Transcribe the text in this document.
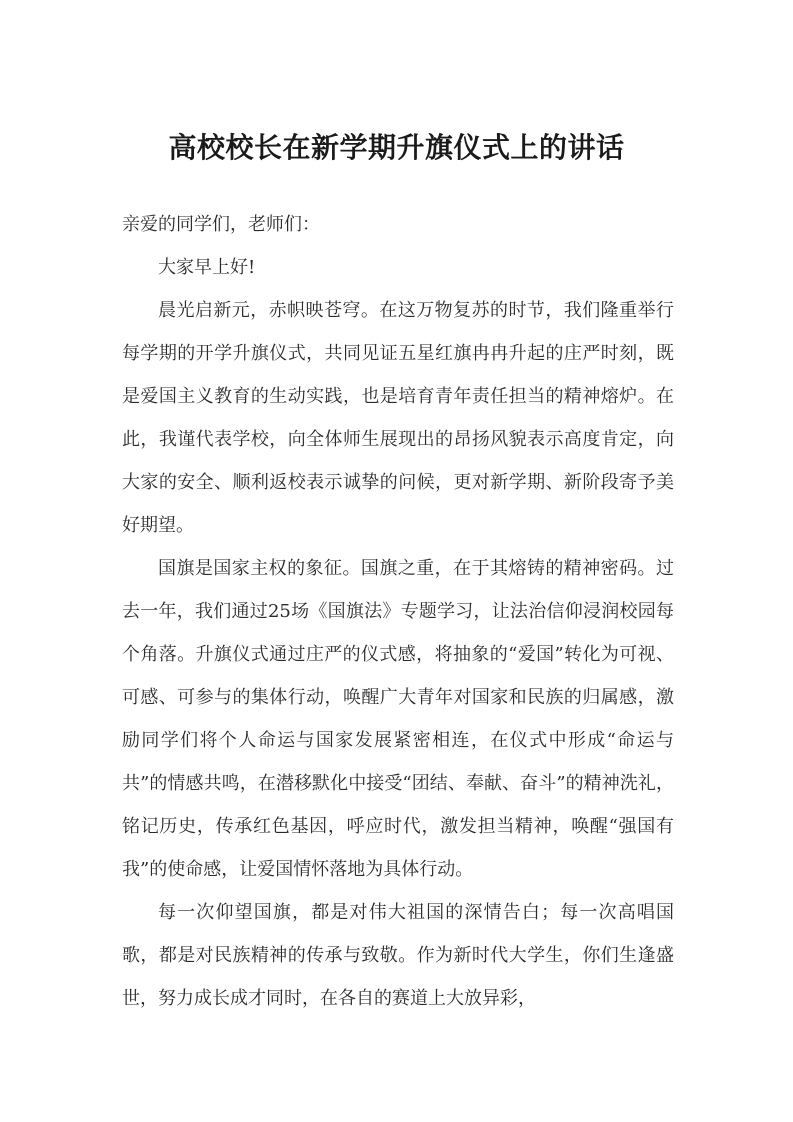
高校校长在新学期升旗仪式上的讲话

亲爱的同学们，老师们：

大家早上好!

晨光启新元，赤帜映苍穹。在这万物复苏的时节，我们隆重举行每学期的开学升旗仪式，共同见证五星红旗冉冉升起的庄严时刻，既是爱国主义教育的生动实践，也是培育青年责任担当的精神熔炉。在此，我谨代表学校，向全体师生展现出的昂扬风貌表示高度肯定，向大家的安全、顺利返校表示诚挚的问候，更对新学期、新阶段寄予美好期望。

国旗是国家主权的象征。国旗之重，在于其熔铸的精神密码。过去一年，我们通过25场《国旗法》专题学习，让法治信仰浸润校园每个角落。升旗仪式通过庄严的仪式感，将抽象的“爱国”转化为可视、可感、可参与的集体行动，唤醒广大青年对国家和民族的归属感，激励同学们将个人命运与国家发展紧密相连，在仪式中形成“命运与共”的情感共鸣，在潜移默化中接受“团结、奉献、奋斗”的精神洗礼，铭记历史，传承红色基因，呼应时代，激发担当精神，唤醒“强国有我”的使命感，让爱国情怀落地为具体行动。

每一次仰望国旗，都是对伟大祖国的深情告白；每一次高唱国歌，都是对民族精神的传承与致敬。作为新时代大学生，你们生逢盛世，努力成长成才同时，在各自的赛道上大放异彩，
